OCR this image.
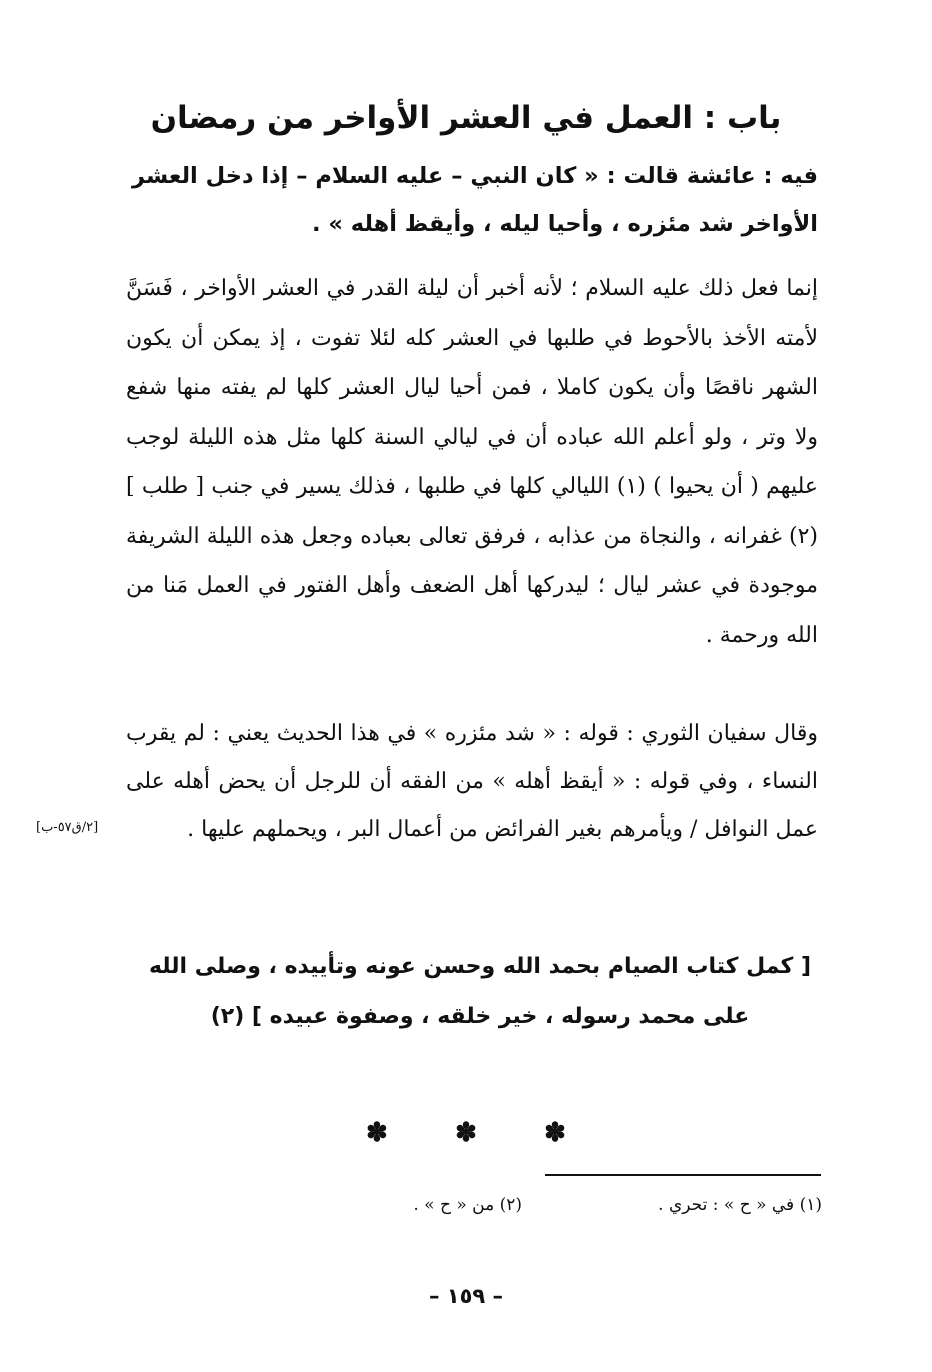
باب : العمل في العشر الأواخر من رمضان

فيه : عائشة قالت : « كان النبي – عليه السلام – إذا دخل العشر الأواخر شد مئزره ، وأحيا ليله ، وأيقظ أهله » .

إنما فعل ذلك عليه السلام ؛ لأنه أخبر أن ليلة القدر في العشر الأواخر ، فَسَنَّ لأمته الأخذ بالأحوط في طلبها في العشر كله لئلا تفوت ، إذ يمكن أن يكون الشهر ناقصًا وأن يكون كاملا ، فمن أحيا ليال العشر كلها لم يفته منها شفع ولا وتر ، ولو أعلم الله عباده أن في ليالي السنة كلها مثل هذه الليلة لوجب عليهم ( أن يحيوا ) (١) الليالي كلها في طلبها ، فذلك يسير في جنب [ طلب ] (٢) غفرانه ، والنجاة من عذابه ، فرفق تعالى بعباده وجعل هذه الليلة الشريفة موجودة في عشر ليال ؛ ليدركها أهل الضعف وأهل الفتور في العمل مَنا من الله ورحمة .

وقال سفيان الثوري : قوله : « شد مئزره » في هذا الحديث يعني : لم يقرب النساء ، وفي قوله : « أيقظ أهله » من الفقه أن للرجل أن يحض أهله على عمل النوافل / ويأمرهم بغير الفرائض من أعمال البر ، ويحملهم عليها .

[٢/ق٥٧-ب]

[ كمل كتاب الصيام بحمد الله وحسن عونه وتأييده ، وصلى الله على محمد رسوله ، خير خلقه ، وصفوة عبيده ] (٢)

✽	✽	✽
(١) في « ح » : تحري .
(٢) من « ح » .
– ١٥٩ –
